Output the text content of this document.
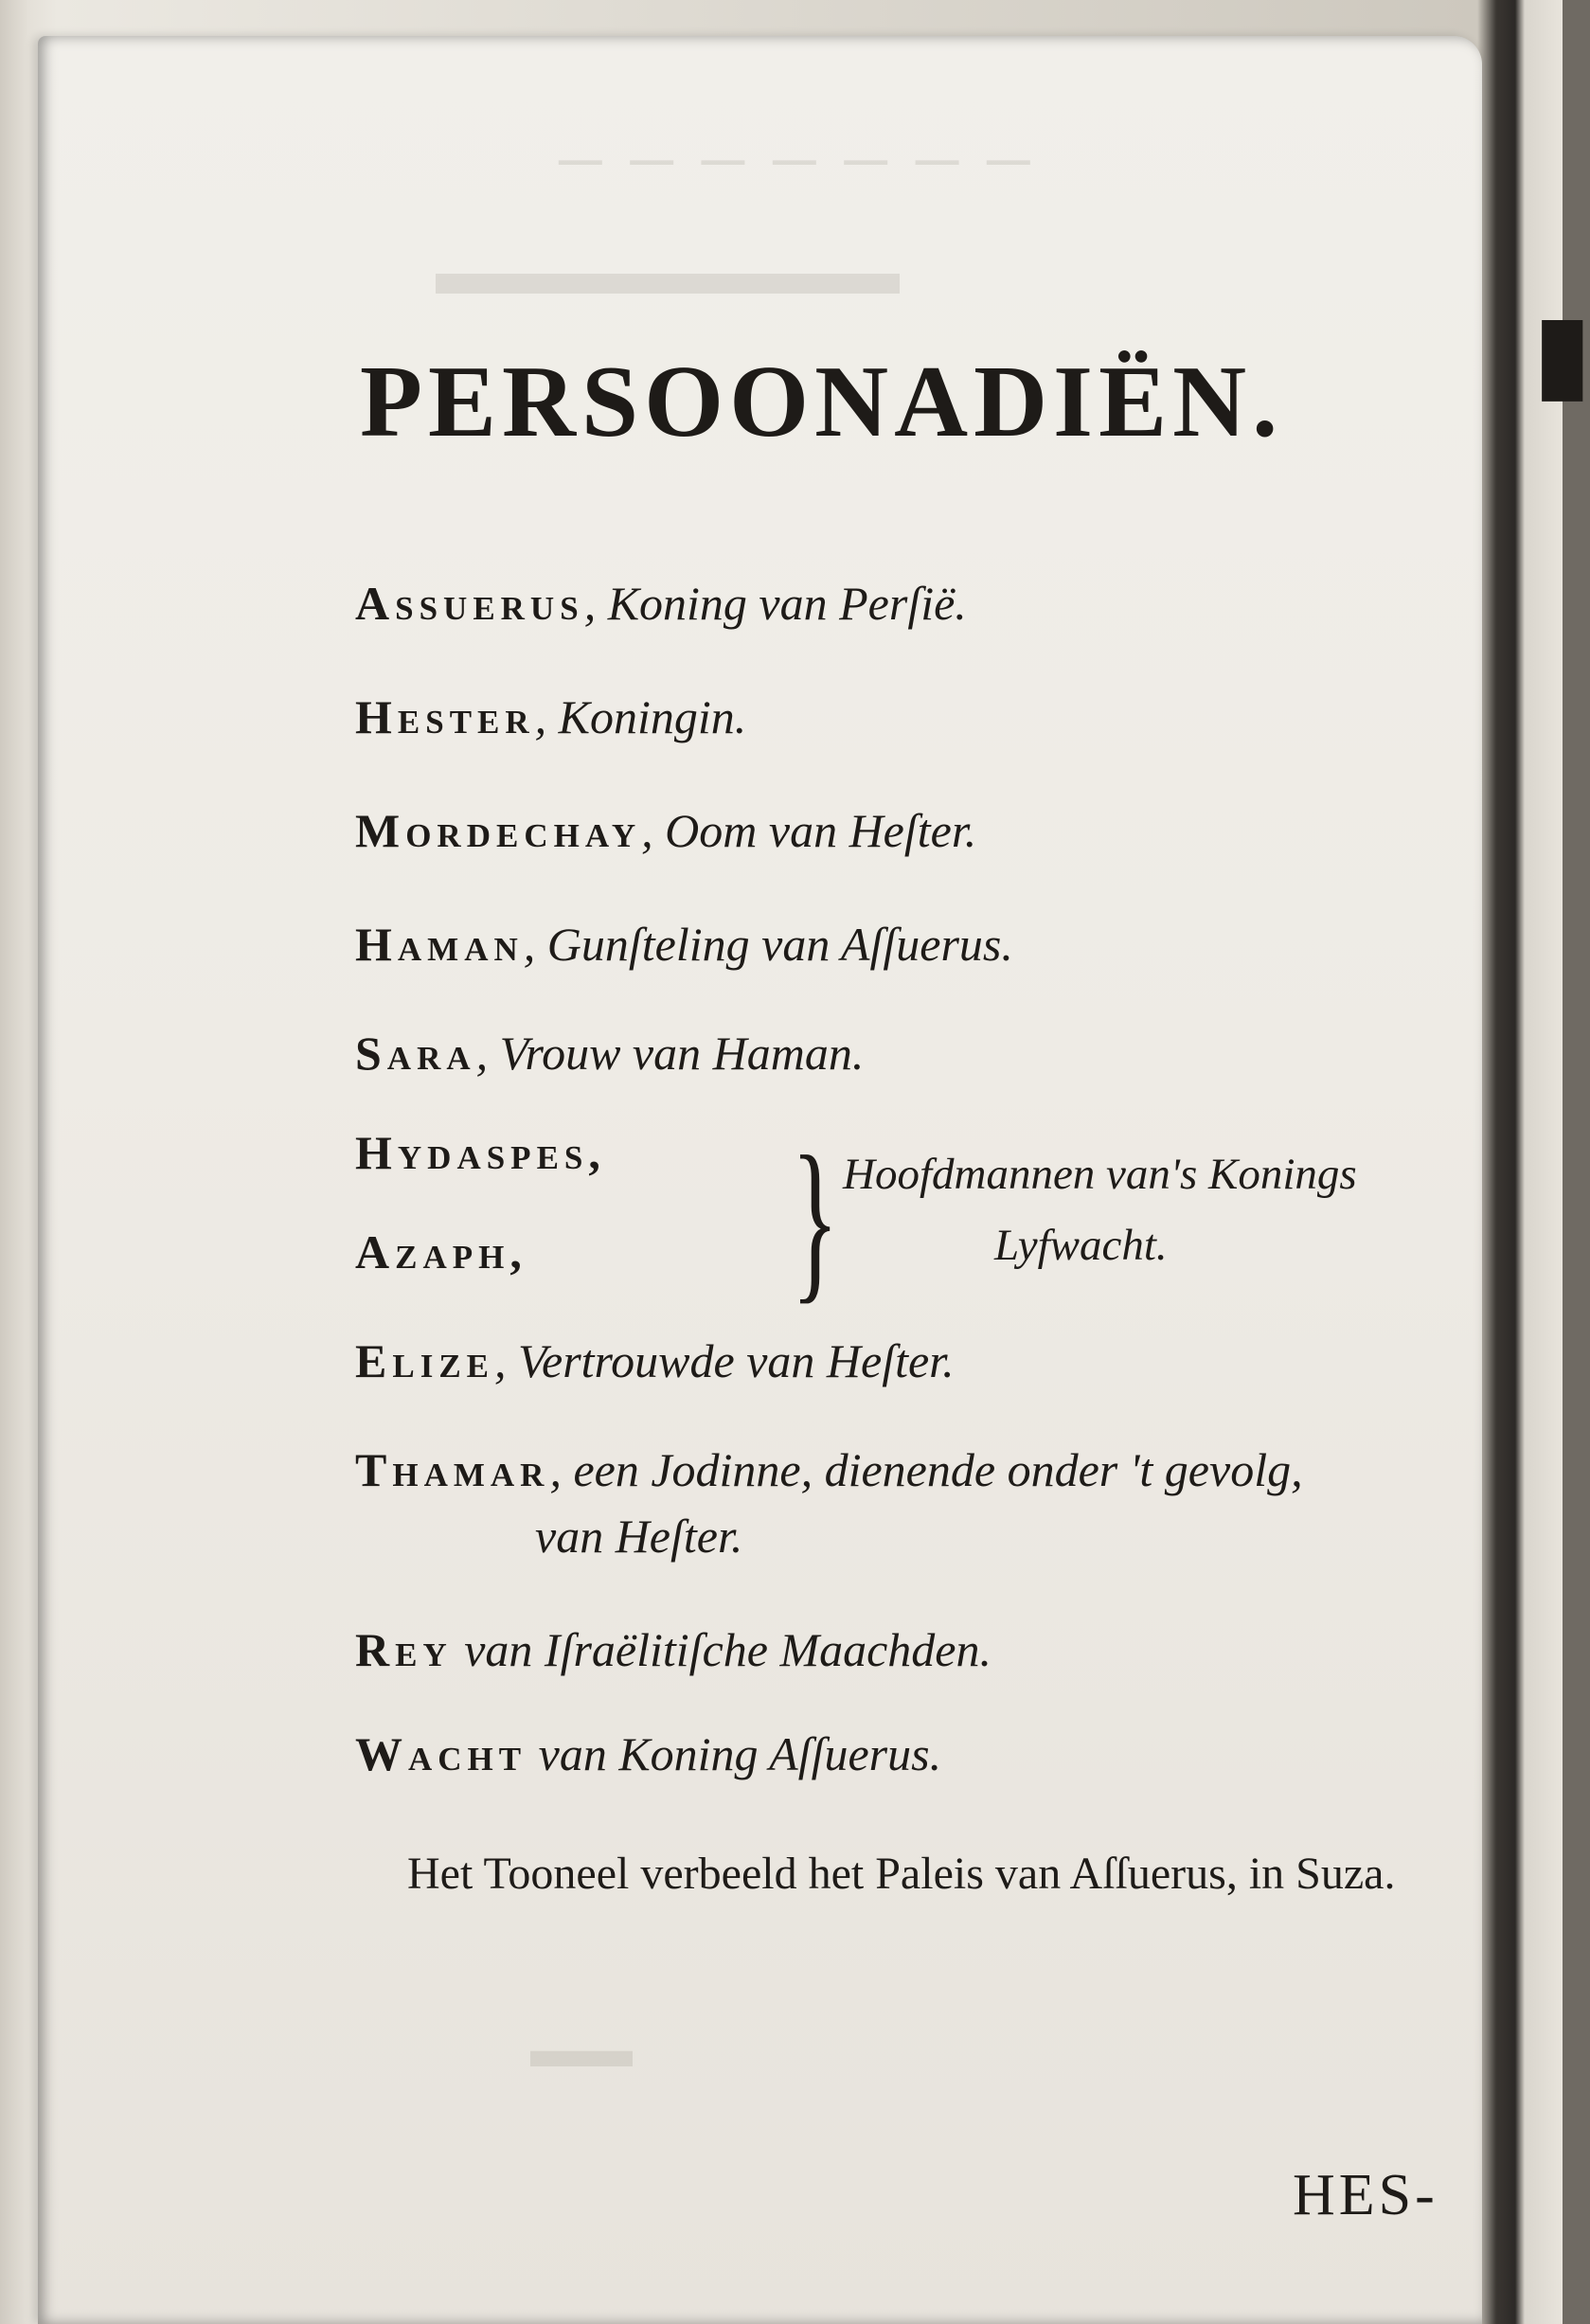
───────
▬▬▬▬▬▬▬
PERSOONADIËN.
Assuerus, Koning van Perſië.
Hester, Koningin.
Mordechay, Oom van Heſter.
Haman, Gunſteling van Aſſuerus.
Sara, Vrouw van Haman.
Hydaspes,
Azaph, } Hoofdmannen van's Konings
Lyfwacht.
Elize, Vertrouwde van Heſter.
Thamar, een Jodinne, dienende onder 't gevolg,
van Heſter.
Rey van Iſraëlitiſche Maachden.
Wacht van Koning Aſſuerus.

Het Tooneel verbeeld het Paleis van Aſſuerus, in Suza.

▬▬
HES-
▮
